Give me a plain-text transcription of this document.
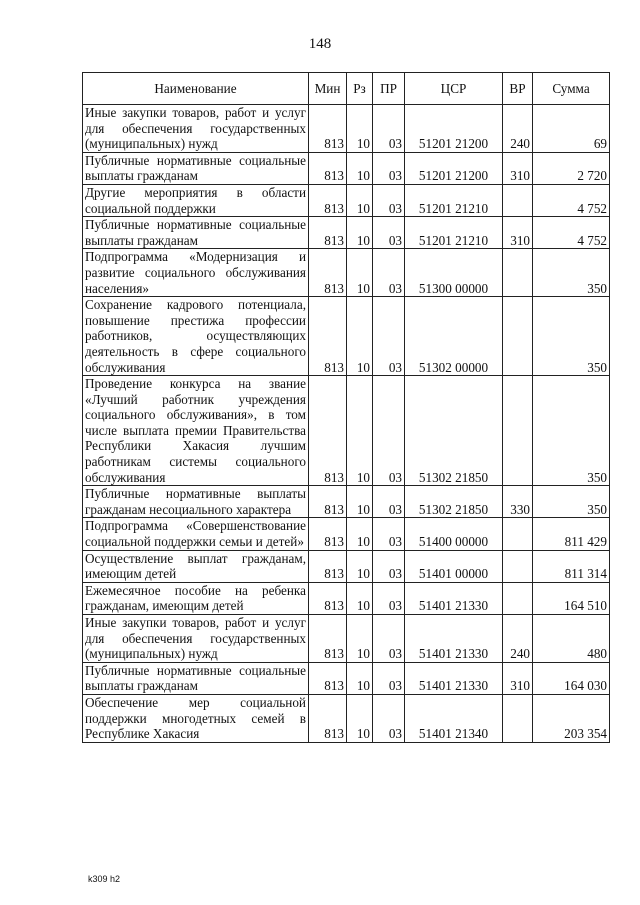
148
Наименование	Мин	Рз	ПР	ЦСР	ВР	Сумма
Иные закупки товаров, работ и услуг для обеспечения государственных (муниципальных) нужд	813	10	03	51201 21200	240	69
Публичные нормативные социальные выплаты гражданам	813	10	03	51201 21200	310	2 720
Другие мероприятия в области социальной поддержки	813	10	03	51201 21210		4 752
Публичные нормативные социальные выплаты гражданам	813	10	03	51201 21210	310	4 752
Подпрограмма «Модернизация и развитие социального обслуживания населения»	813	10	03	51300 00000		350
Сохранение кадрового потенциала, повышение престижа профессии работников, осуществляющих деятельность в сфере социального обслуживания	813	10	03	51302 00000		350
Проведение конкурса на звание «Лучший работник учреждения социального обслуживания», в том числе выплата премии Правительства Республики Хакасия лучшим работникам системы социального обслуживания	813	10	03	51302 21850		350
Публичные нормативные выплаты гражданам несоциального характера	813	10	03	51302 21850	330	350
Подпрограмма «Совершенствование социальной поддержки семьи и детей»	813	10	03	51400 00000		811 429
Осуществление выплат гражданам, имеющим детей	813	10	03	51401 00000		811 314
Ежемесячное пособие на ребенка гражданам, имеющим детей	813	10	03	51401 21330		164 510
Иные закупки товаров, работ и услуг для обеспечения государственных (муниципальных) нужд	813	10	03	51401 21330	240	480
Публичные нормативные социальные выплаты гражданам	813	10	03	51401 21330	310	164 030
Обеспечение мер социальной поддержки многодетных семей в Республике Хакасия	813	10	03	51401 21340		203 354
k309 h2
